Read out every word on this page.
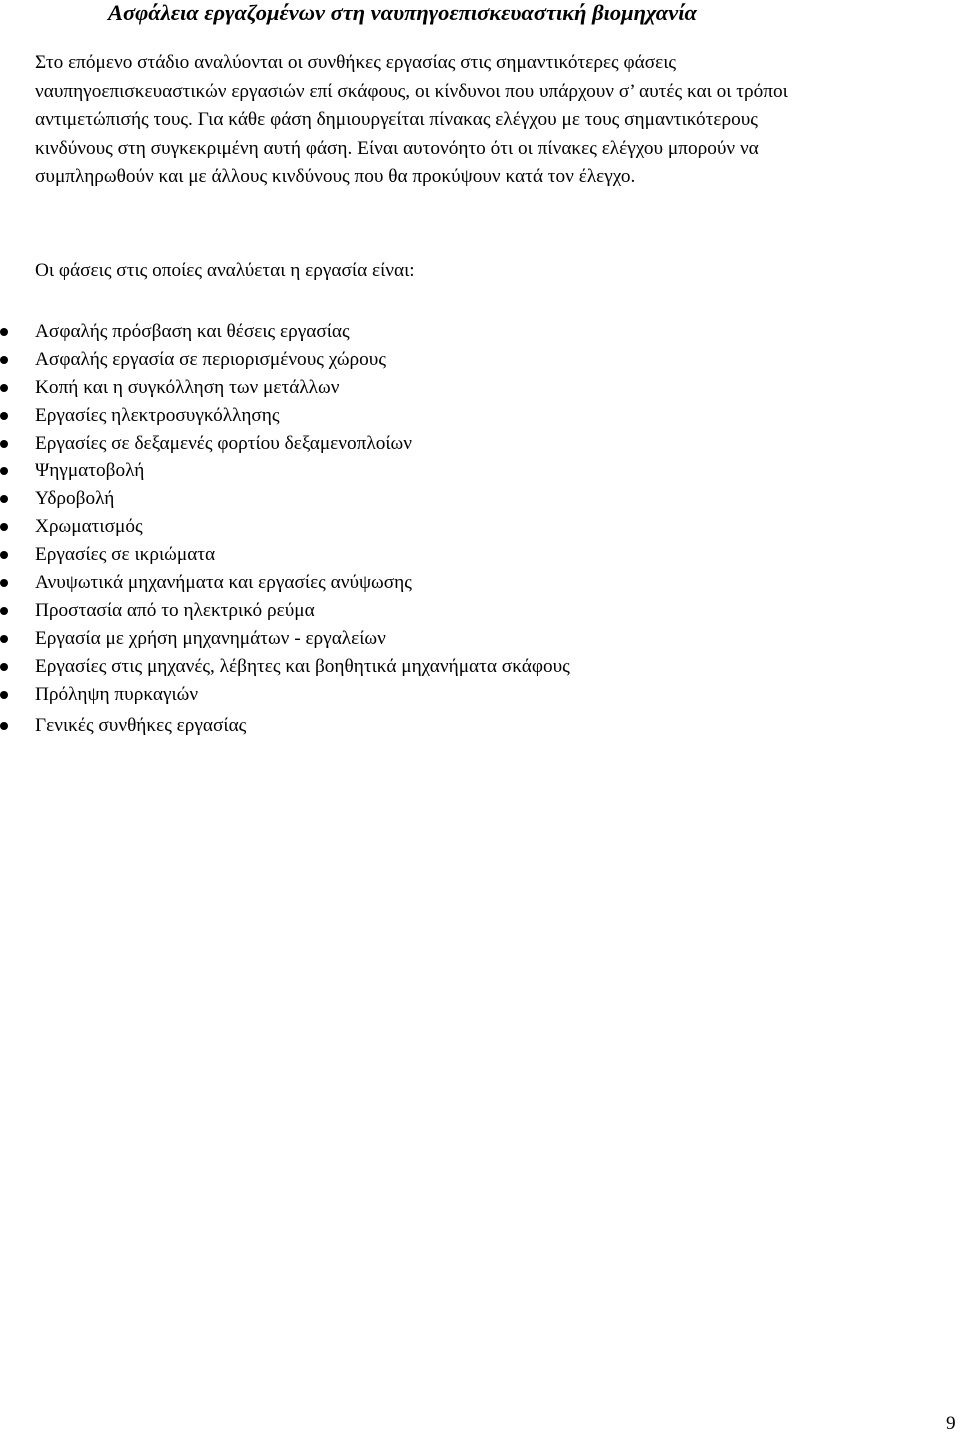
Ασφάλεια εργαζομένων στη ναυπηγοεπισκευαστική βιομηχανία
Στο επόμενο στάδιο αναλύονται οι συνθήκες εργασίας στις σημαντικότερες φάσεις
ναυπηγοεπισκευαστικών εργασιών επί σκάφους, οι κίνδυνοι που υπάρχουν σ’ αυτές και οι τρόποι
αντιμετώπισής τους. Για κάθε φάση δημιουργείται πίνακας ελέγχου με τους σημαντικότερους
κινδύνους στη συγκεκριμένη αυτή φάση. Είναι αυτονόητο ότι οι πίνακες ελέγχου μπορούν να
συμπληρωθούν και με άλλους κινδύνους που θα προκύψουν κατά τον έλεγχο.
Οι φάσεις στις οποίες αναλύεται η εργασία είναι:
Ασφαλής πρόσβαση και θέσεις εργασίας
Ασφαλής εργασία σε περιορισμένους χώρους
Κοπή και η συγκόλληση των μετάλλων
Εργασίες ηλεκτροσυγκόλλησης
Εργασίες σε δεξαμενές φορτίου δεξαμενοπλοίων
Ψηγματοβολή
Υδροβολή
Χρωματισμός
Εργασίες σε ικριώματα
Ανυψωτικά μηχανήματα και εργασίες ανύψωσης
Προστασία από το ηλεκτρικό ρεύμα
Εργασία με χρήση μηχανημάτων - εργαλείων
Εργασίες στις μηχανές, λέβητες και βοηθητικά μηχανήματα σκάφους
Πρόληψη πυρκαγιών
Γενικές συνθήκες εργασίας
9
